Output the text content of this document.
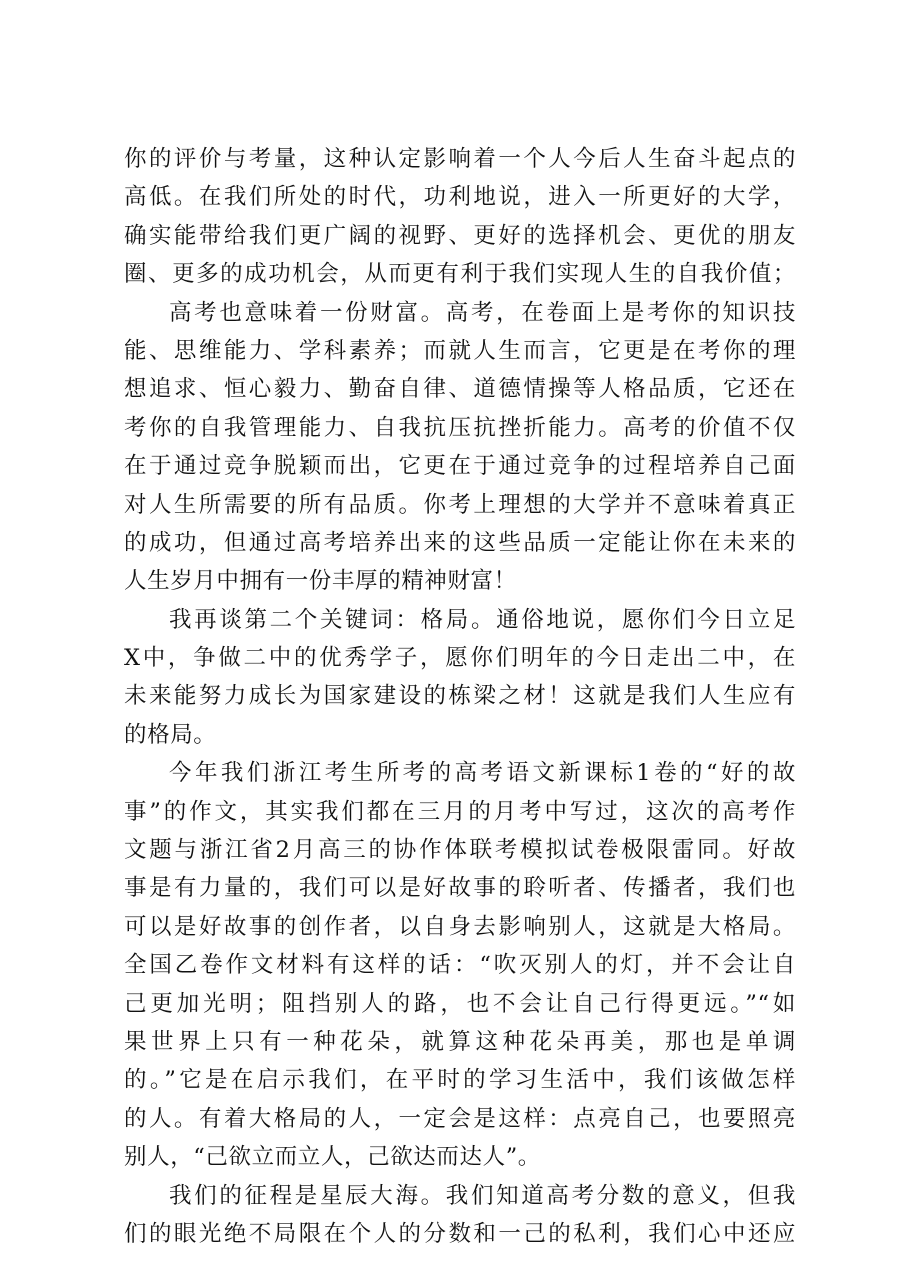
你的评价与考量，这种认定影响着一个人今后人生奋斗起点的
高低。在我们所处的时代，功利地说，进入一所更好的大学，
确实能带给我们更广阔的视野、更好的选择机会、更优的朋友
圈、更多的成功机会，从而更有利于我们实现人生的自我价值；
高考也意味着一份财富。高考，在卷面上是考你的知识技
能、思维能力、学科素养；而就人生而言，它更是在考你的理
想追求、恒心毅力、勤奋自律、道德情操等人格品质，它还在
考你的自我管理能力、自我抗压抗挫折能力。高考的价值不仅
在于通过竞争脱颖而出，它更在于通过竞争的过程培养自己面
对人生所需要的所有品质。你考上理想的大学并不意味着真正
的成功，但通过高考培养出来的这些品质一定能让你在未来的
人生岁月中拥有一份丰厚的精神财富！
我再谈第二个关键词：格局。通俗地说，愿你们今日立足
X中，争做二中的优秀学子，愿你们明年的今日走出二中，在
未来能努力成长为国家建设的栋梁之材！这就是我们人生应有
的格局。
今年我们浙江考生所考的高考语文新课标1卷的“好的故
事”的作文，其实我们都在三月的月考中写过，这次的高考作
文题与浙江省2月高三的协作体联考模拟试卷极限雷同。好故
事是有力量的，我们可以是好故事的聆听者、传播者，我们也
可以是好故事的创作者，以自身去影响别人，这就是大格局。
全国乙卷作文材料有这样的话：“吹灭别人的灯，并不会让自
己更加光明；阻挡别人的路，也不会让自己行得更远。”“如
果世界上只有一种花朵，就算这种花朵再美，那也是单调
的。”它是在启示我们，在平时的学习生活中，我们该做怎样
的人。有着大格局的人，一定会是这样：点亮自己，也要照亮
别人，“己欲立而立人，己欲达而达人”。
我们的征程是星辰大海。我们知道高考分数的意义，但我
们的眼光绝不局限在个人的分数和一己的私利，我们心中还应
